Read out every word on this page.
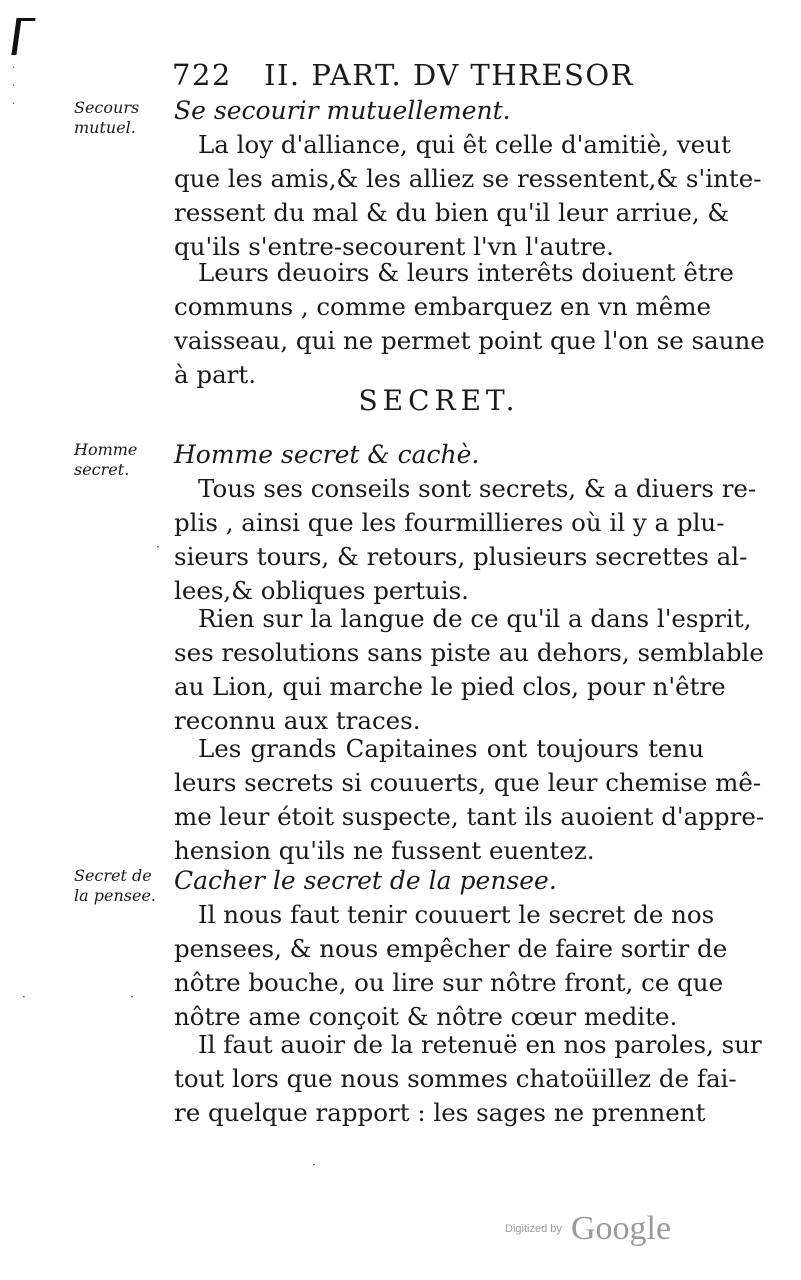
·
·
·
722 II. PART. DV THRESOR
Secours
mutuel.
Homme
secret.
Secret de
la pensee.
Se secourir mutuellement.
La loy d'alliance, qui êt celle d'amitiè, veut
que les amis,& les alliez se ressentent,& s'inte-
ressent du mal & du bien qu'il leur arriue, &
qu'ils s'entre-secourent l'vn l'autre.
Leurs deuoirs & leurs interêts doiuent être
communs , comme embarquez en vn même
vaisseau, qui ne permet point que l'on se saune
à part.
SECRET.
Homme secret & cachè.
Tous ses conseils sont secrets, & a diuers re-
plis , ainsi que les fourmillieres où il y a plu-
sieurs tours, & retours, plusieurs secrettes al-
lees,& obliques pertuis.
Rien sur la langue de ce qu'il a dans l'esprit,
ses resolutions sans piste au dehors, semblable
au Lion, qui marche le pied clos, pour n'être
reconnu aux traces.
Les grands Capitaines ont toujours tenu
leurs secrets si couuerts, que leur chemise mê-
me leur étoit suspecte, tant ils auoient d'appre-
hension qu'ils ne fussent euentez.
Cacher le secret de la pensee.
Il nous faut tenir couuert le secret de nos
pensees, & nous empêcher de faire sortir de
nôtre bouche, ou lire sur nôtre front, ce que
nôtre ame conçoit & nôtre cœur medite.
Il faut auoir de la retenuë en nos paroles, sur
tout lors que nous sommes chatoüillez de fai-
re quelque rapport : les sages ne prennent
·
·	·
·
Digitized by Google
